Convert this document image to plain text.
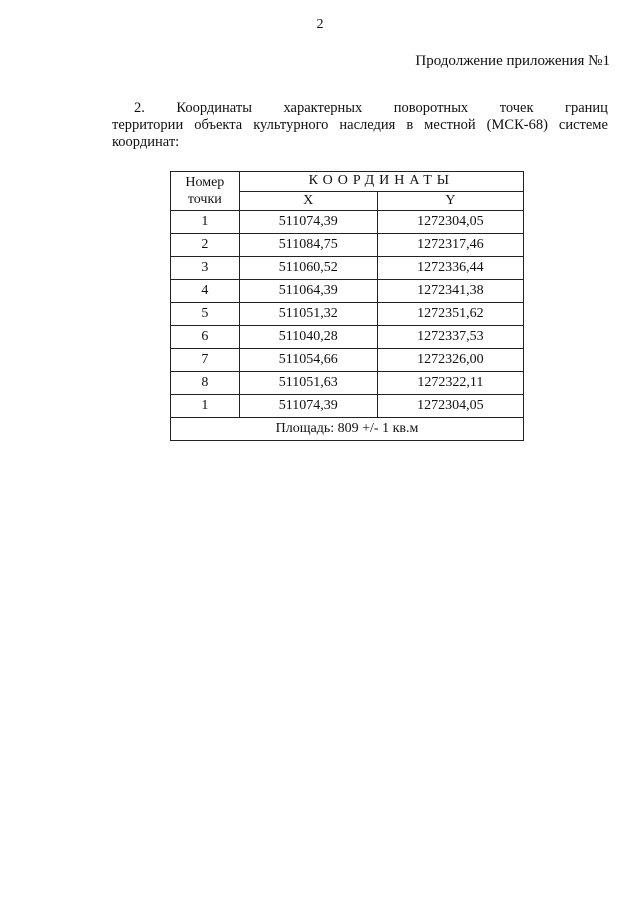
2
Продолжение приложения №1
2. Координаты характерных поворотных точек границ
территории объекта культурного наследия в местной (МСК-68) системе
координат:
Номер
точки	КООРДИНАТЫ	
	X	Y
1	511074,39	1272304,05
2	511084,75	1272317,46
3	511060,52	1272336,44
4	511064,39	1272341,38
5	511051,32	1272351,62
6	511040,28	1272337,53
7	511054,66	1272326,00
8	511051,63	1272322,11
1	511074,39	1272304,05
Площадь: 809 +/- 1 кв.м		
